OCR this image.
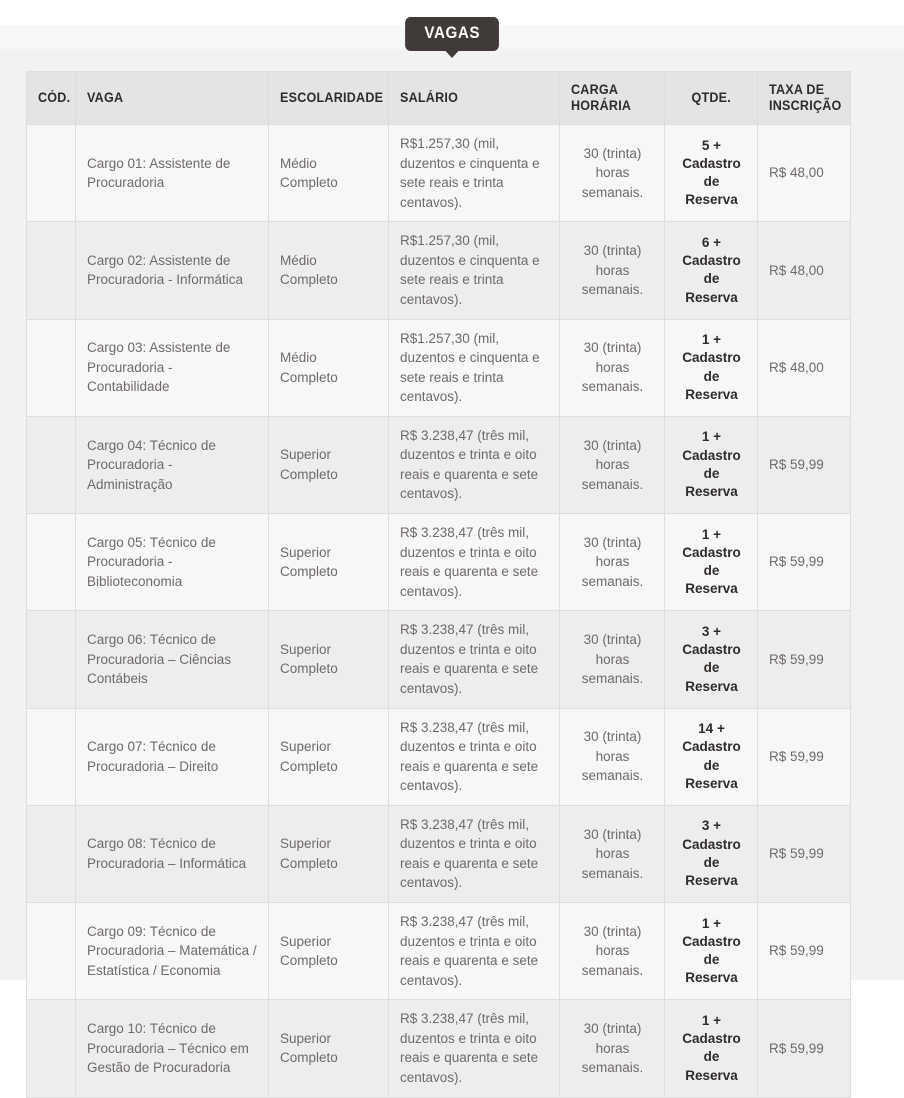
VAGAS
CÓD.	VAGA	ESCOLARIDADE	SALÁRIO	CARGA HORÁRIA	QTDE.	TAXA DE INSCRIÇÃO
	Cargo 01: Assistente de Procuradoria	Médio Completo	R$1.257,30 (mil, duzentos e cinquenta e sete reais e trinta centavos).	30 (trinta) horas semanais.	5 + Cadastro de Reserva	R$ 48,00
	Cargo 02: Assistente de Procuradoria - Informática	Médio Completo	R$1.257,30 (mil, duzentos e cinquenta e sete reais e trinta centavos).	30 (trinta) horas semanais.	6 + Cadastro de Reserva	R$ 48,00
	Cargo 03: Assistente de Procuradoria - Contabilidade	Médio Completo	R$1.257,30 (mil, duzentos e cinquenta e sete reais e trinta centavos).	30 (trinta) horas semanais.	1 + Cadastro de Reserva	R$ 48,00
	Cargo 04: Técnico de Procuradoria - Administração	Superior Completo	R$ 3.238,47 (três mil, duzentos e trinta e oito reais e quarenta e sete centavos).	30 (trinta) horas semanais.	1 + Cadastro de Reserva	R$ 59,99
	Cargo 05: Técnico de Procuradoria - Biblioteconomia	Superior Completo	R$ 3.238,47 (três mil, duzentos e trinta e oito reais e quarenta e sete centavos).	30 (trinta) horas semanais.	1 + Cadastro de Reserva	R$ 59,99
	Cargo 06: Técnico de Procuradoria – Ciências Contábeis	Superior Completo	R$ 3.238,47 (três mil, duzentos e trinta e oito reais e quarenta e sete centavos).	30 (trinta) horas semanais.	3 + Cadastro de Reserva	R$ 59,99
	Cargo 07: Técnico de Procuradoria – Direito	Superior Completo	R$ 3.238,47 (três mil, duzentos e trinta e oito reais e quarenta e sete centavos).	30 (trinta) horas semanais.	14 + Cadastro de Reserva	R$ 59,99
	Cargo 08: Técnico de Procuradoria – Informática	Superior Completo	R$ 3.238,47 (três mil, duzentos e trinta e oito reais e quarenta e sete centavos).	30 (trinta) horas semanais.	3 + Cadastro de Reserva	R$ 59,99
	Cargo 09: Técnico de Procuradoria – Matemática / Estatística / Economia	Superior Completo	R$ 3.238,47 (três mil, duzentos e trinta e oito reais e quarenta e sete centavos).	30 (trinta) horas semanais.	1 + Cadastro de Reserva	R$ 59,99
	Cargo 10: Técnico de Procuradoria – Técnico em Gestão de Procuradoria	Superior Completo	R$ 3.238,47 (três mil, duzentos e trinta e oito reais e quarenta e sete centavos).	30 (trinta) horas semanais.	1 + Cadastro de Reserva	R$ 59,99
